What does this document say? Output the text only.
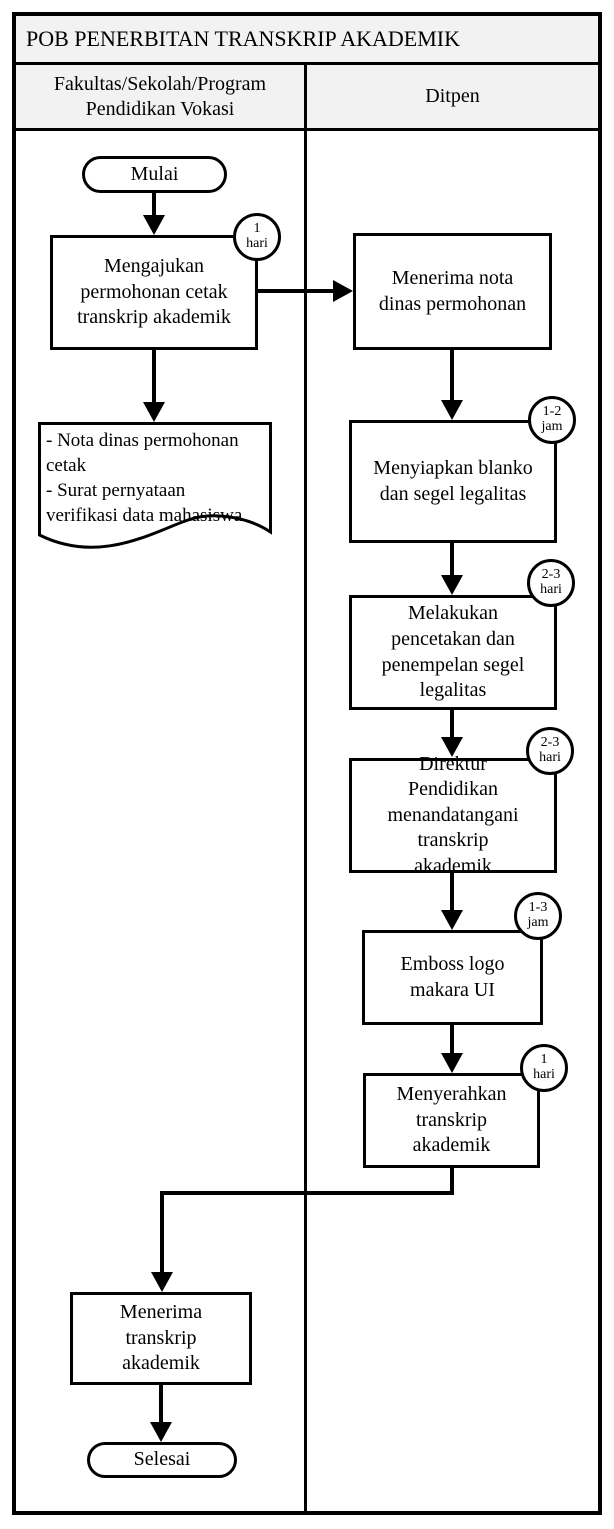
POB PENERBITAN TRANSKRIP AKADEMIK
Fakultas/Sekolah/Program Pendidikan Vokasi
Ditpen
Mulai
Mengajukan permohonan cetak transkrip akademik
1
hari
- Nota dinas permohonan
cetak
- Surat pernyataan
verifikasi data mahasiswa
Menerima nota dinas permohonan
Menyiapkan blanko dan segel legalitas
1-2
jam
Melakukan pencetakan dan penempelan segel legalitas
2-3
hari
Direktur Pendidikan menandatangani transkrip akademik
2-3
hari
Emboss logo makara UI
1-3
jam
Menyerahkan transkrip akademik
1
hari
Menerima transkrip akademik
Selesai
